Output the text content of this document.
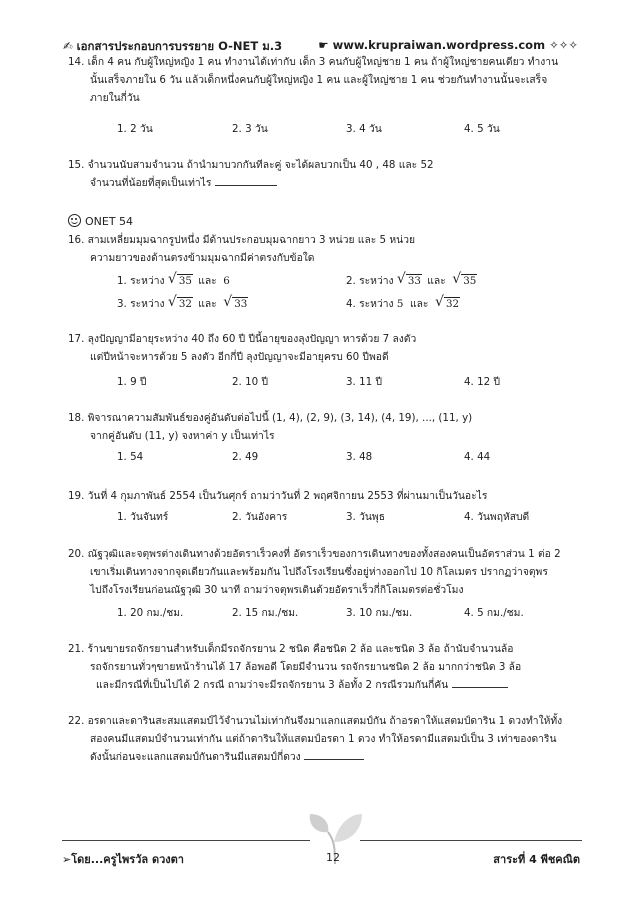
✍ เอกสารประกอบการบรรยาย O-NET ม.3	☛ www.krupraiwan.wordpress.com ✧✧✧
14. เด็ก 4 คน กับผู้ใหญ่หญิง 1 คน ทำงานได้เท่ากับ เด็ก 3 คนกับผู้ใหญ่ชาย 1 คน ถ้าผู้ใหญ่ชายคนเดียว ทำงาน
นั้นเสร็จภายใน 6 วัน แล้วเด็กหนึ่งคนกับผู้ใหญ่หญิง 1 คน และผู้ใหญ่ชาย 1 คน ช่วยกันทำงานนั้นจะเสร็จ
ภายในกี่วัน
1. 2 วัน	2. 3 วัน	3. 4 วัน	4. 5 วัน
15. จำนวนนับสามจำนวน ถ้านำมาบวกกันทีละคู่ จะได้ผลบวกเป็น 40 , 48 และ 52
จำนวนที่น้อยที่สุดเป็นเท่าไร
ONET 54
16. สามเหลี่ยมมุมฉากรูปหนึ่ง มีด้านประกอบมุมฉากยาว 3 หน่วย และ 5 หน่วย
ความยาวของด้านตรงข้ามมุมฉากมีค่าตรงกับข้อใด
1. ระหว่าง √ 35 และ 6	2. ระหว่าง √ 33 และ √ 35
3. ระหว่าง √ 32 และ √ 33	4. ระหว่าง 5 และ √ 32
17. ลุงปัญญามีอายุระหว่าง 40 ถึง 60 ปี ปีนี้อายุของลุงปัญญา หารด้วย 7 ลงตัว
แต่ปีหน้าจะหารด้วย 5 ลงตัว อีกกี่ปี ลุงปัญญาจะมีอายุครบ 60 ปีพอดี
1. 9 ปี	2. 10 ปี	3. 11 ปี	4. 12 ปี
18. พิจารณาความสัมพันธ์ของคู่อันดับต่อไปนี้ (1, 4), (2, 9), (3, 14), (4, 19), ..., (11, y)
จากคู่อันดับ (11, y) จงหาค่า y เป็นเท่าไร
1. 54	2. 49	3. 48	4. 44
19. วันที่ 4 กุมภาพันธ์ 2554 เป็นวันศุกร์ ถามว่าวันที่ 2 พฤศจิกายน 2553 ที่ผ่านมาเป็นวันอะไร
1. วันจันทร์	2. วันอังคาร	3. วันพุธ	4. วันพฤหัสบดี
20. ณัฐวุฒิและจตุพรต่างเดินทางด้วยอัตราเร็วคงที่ อัตราเร็วของการเดินทางของทั้งสองคนเป็นอัตราส่วน 1 ต่อ 2
เขาเริ่มเดินทางจากจุดเดียวกันและพร้อมกัน ไปถึงโรงเรียนซึ่งอยู่ห่างออกไป 10 กิโลเมตร ปรากฏว่าจตุพร
ไปถึงโรงเรียนก่อนณัฐวุฒิ 30 นาที ถามว่าจตุพรเดินด้วยอัตราเร็วกี่กิโลเมตรต่อชั่วโมง
1. 20 กม./ชม.	2. 15 กม./ชม.	3. 10 กม./ชม.	4. 5 กม./ชม.
21. ร้านขายรถจักรยานสำหรับเด็กมีรถจักรยาน 2 ชนิด คือชนิด 2 ล้อ และชนิด 3 ล้อ ถ้านับจำนวนล้อ
รถจักรยานทั่วๆขายหน้าร้านได้ 17 ล้อพอดี โดยมีจำนวน รถจักรยานชนิด 2 ล้อ มากกว่าชนิด 3 ล้อ
และมีกรณีที่เป็นไปได้ 2 กรณี ถามว่าจะมีรถจักรยาน 3 ล้อทั้ง 2 กรณีรวมกันกี่คัน
22. อรดาและดารินสะสมแสตมป์ไว้จำนวนไม่เท่ากันจึงมาแลกแสตมป์กัน ถ้าอรดาให้แสตมป์ดาริน 1 ดวงทำให้ทั้ง
สองคนมีแสตมป์จำนวนเท่ากัน แต่ถ้าดารินให้แสตมป์อรดา 1 ดวง ทำให้อรดามีแสตมป์เป็น 3 เท่าของดาริน
ดังนั้นก่อนจะแลกแสตมป์กันดารินมีแสตมป์กี่ดวง
➢โดย...ครูไพรวัล ดวงตา	12	สาระที่ 4 พีชคณิต
